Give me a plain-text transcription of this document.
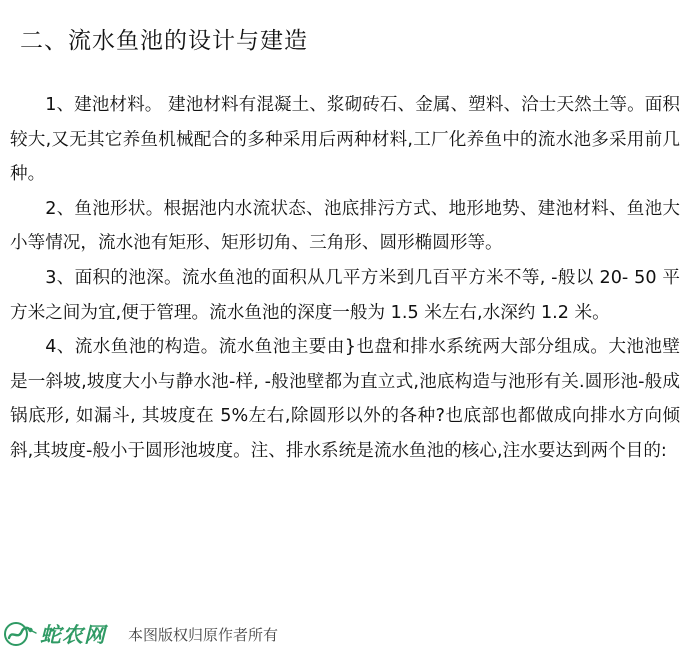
二、流水鱼池的设计与建造

1、建池材料。 建池材料有混凝土、浆砌砖石、金属、塑料、洽士天然土等。面积较大,又无其它养鱼机械配合的多种采用后两种材料,工厂化养鱼中的流水池多采用前几种。

2、鱼池形状。根据池内水流状态、池底排污方式、地形地势、建池材料、鱼池大小等情况，流水池有矩形、矩形切角、三角形、圆形椭圆形等。

3、面积的池深。流水鱼池的面积从几平方米到几百平方米不等, -般以 20- 50 平方米之间为宜,便于管理。流水鱼池的深度一般为 1.5 米左右,水深约 1.2 米。

4、流水鱼池的构造。流水鱼池主要由}也盘和排水系统两大部分组成。大池池壁是一斜坡,坡度大小与静水池-样, -般池壁都为直立式,池底构造与池形有关.圆形池-般成锅底形, 如漏斗, 其坡度在 5%左右,除圆形以外的各种?也底部也都做成向排水方向倾斜,其坡度-般小于圆形池坡度。注、排水系统是流水鱼池的核心,注水要达到两个目的:

蛇农网 本图版权归原作者所有
